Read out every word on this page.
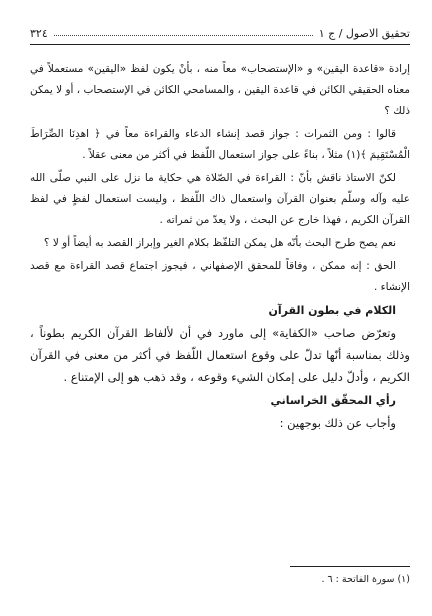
تحقيق الاصول / ج ١
٣٢٤

إرادة «قاعدة اليقين» و «الإستصحاب» معاً منه ، بأنْ يكون لفظ «اليقين» مستعملاً في معناه الحقيقي الكائن في قاعدة اليقين ، والمسامحي الكائن في الإستصحاب ، أو لا يمكن ذلك ؟

قالوا : ومن الثمرات : جواز قصد إنشاء الدعاء والقراءة معاً في ﴿ اهدِنَا الصِّرَاطَ الْمُسْتَقِيمَ ﴾(١) مثلاً ، بناءً على جواز استعمال اللّفظ في أكثر من معنى عقلاً .

لكنّ الاستاذ ناقش بأنّ : القراءة في الصّلاة هي حكاية ما نزل على النبي صلّى الله عليه وآله وسلّم بعنوان القرآن واستعمال ذاك اللّفظ ، وليست استعمال لفظٍ في لفظ القرآن الكريم ، فهذا خارج عن البحث ، ولا يعدّ من ثمراته .

نعم يصح طرح البحث بأنّه هل يمكن التلفّظ بكلام الغير وإبراز القصد به أيضاً أو لا ؟

الحق : إنه ممكن ، وفاقاً للمحقق الإصفهاني ، فيجوز اجتماع قصد القراءة مع قصد الإنشاء .

الكلام في بطون القرآن

وتعرّض صاحب «الكفاية» إلى ماورد في أن لألفاظ القرآن الكريم بطوناً ، وذلك بمناسبة أنّها تدلّ على وقوع استعمال اللّفظ في أكثر من معنى في القرآن الكريم ، وأدلّ دليل على إمكان الشيء وقوعه ، وقد ذهب هو إلى الإمتناع .

رأي المحقّق الخراساني

وأجاب عن ذلك بوجهين :

(١) سورة الفاتحة : ٦ .
